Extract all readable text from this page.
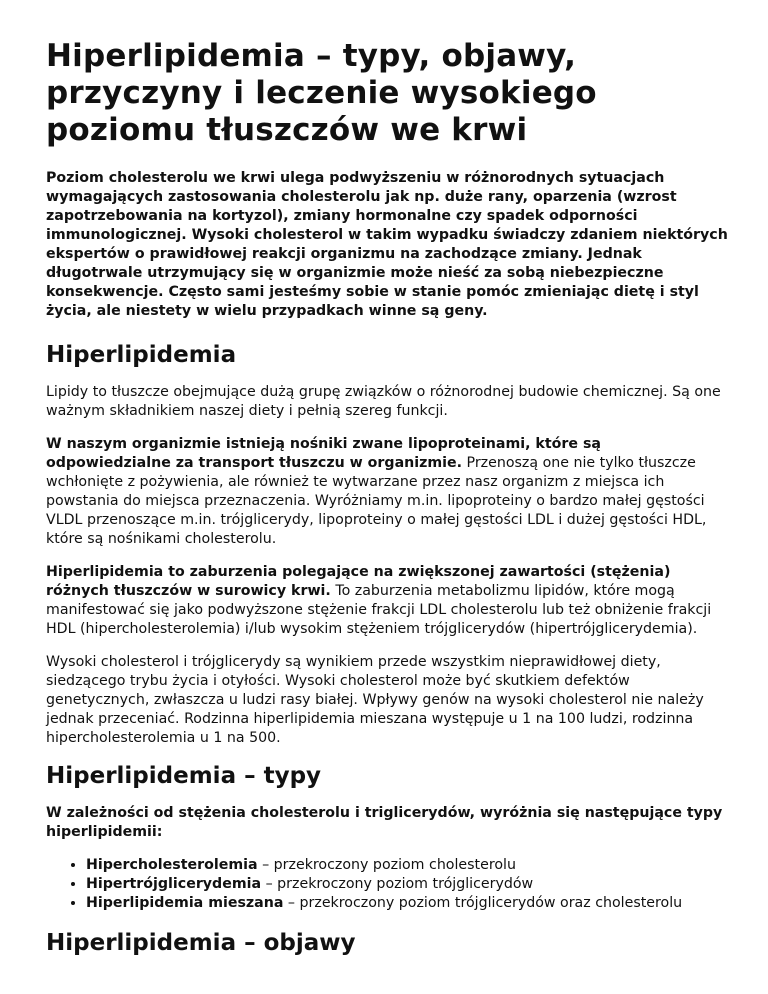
Hiperlipidemia – typy, objawy, przyczyny i leczenie wysokiego poziomu tłuszczów we krwi

Poziom cholesterolu we krwi ulega podwyższeniu w różnorodnych sytuacjach wymagających zastosowania cholesterolu jak np. duże rany, oparzenia (wzrost zapotrzebowania na kortyzol), zmiany hormonalne czy spadek odporności immunologicznej. Wysoki cholesterol w takim wypadku świadczy zdaniem niektórych ekspertów o prawidłowej reakcji organizmu na zachodzące zmiany. Jednak długotrwale utrzymujący się w organizmie może nieść za sobą niebezpieczne konsekwencje. Często sami jesteśmy sobie w stanie pomóc zmieniając dietę i styl życia, ale niestety w wielu przypadkach winne są geny.

Hiperlipidemia

Lipidy to tłuszcze obejmujące dużą grupę związków o różnorodnej budowie chemicznej. Są one ważnym składnikiem naszej diety i pełnią szereg funkcji.

W naszym organizmie istnieją nośniki zwane lipoproteinami, które są odpowiedzialne za transport tłuszczu w organizmie. Przenoszą one nie tylko tłuszcze wchłonięte z pożywienia, ale również te wytwarzane przez nasz organizm z miejsca ich powstania do miejsca przeznaczenia. Wyróżniamy m.in. lipoproteiny o bardzo małej gęstości VLDL przenoszące m.in. trójglicerydy, lipoproteiny o małej gęstości LDL i dużej gęstości HDL, które są nośnikami cholesterolu.

Hiperlipidemia to zaburzenia polegające na zwiększonej zawartości (stężenia) różnych tłuszczów w surowicy krwi. To zaburzenia metabolizmu lipidów, które mogą manifestować się jako podwyższone stężenie frakcji LDL cholesterolu lub też obniżenie frakcji HDL (hipercholesterolemia) i/lub wysokim stężeniem trójglicerydów (hipertrójglicerydemia).

Wysoki cholesterol i trójglicerydy są wynikiem przede wszystkim nieprawidłowej diety, siedzącego trybu życia i otyłości. Wysoki cholesterol może być skutkiem defektów genetycznych, zwłaszcza u ludzi rasy białej. Wpływy genów na wysoki cholesterol nie należy jednak przeceniać. Rodzinna hiperlipidemia mieszana występuje u 1 na 100 ludzi, rodzinna hipercholesterolemia u 1 na 500.

Hiperlipidemia – typy

W zależności od stężenia cholesterolu i triglicerydów, wyróżnia się następujące typy hiperlipidemii:

• Hipercholesterolemia – przekroczony poziom cholesterolu
• Hipertrójglicerydemia – przekroczony poziom trójglicerydów
• Hiperlipidemia mieszana – przekroczony poziom trójglicerydów oraz cholesterolu
Hiperlipidemia – objawy
